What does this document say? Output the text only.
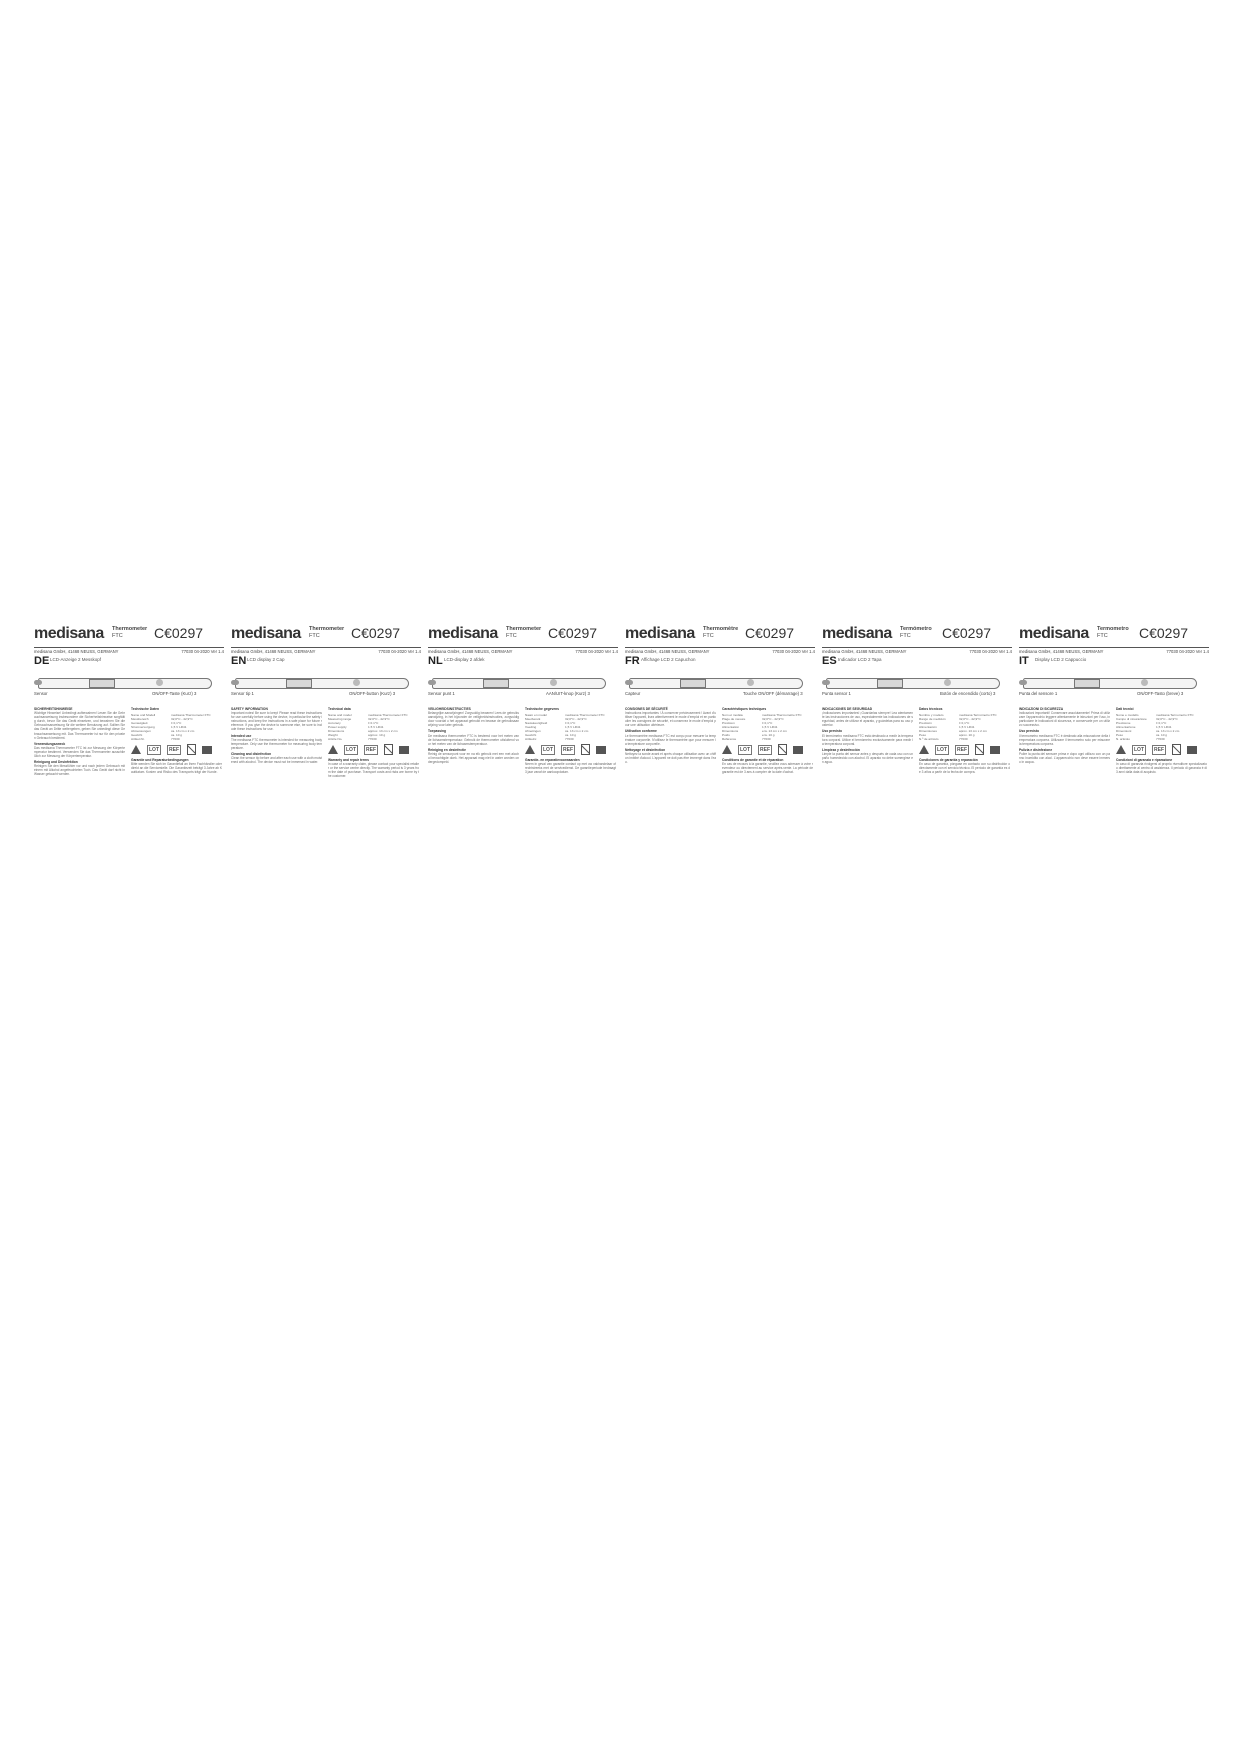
medisana Thermometer
FTC	C€0297
medisana GmbH, 41468 NEUSS, GERMANY	77030 04-2020 Ver 1.4
DE LCD-Anzeige 2 Messkopf
Sensor	ON/OFF-Taste (Kurz) 3
SICHERHEITSHINWEISE
Wichtige Hinweise! Unbedingt aufbewahren! Lesen Sie die Gebrauchsanweisung insbesondere die Sicherheitshinweise sorgfältig durch, bevor Sie das Gerät einsetzen, und bewahren Sie die Gebrauchsanweisung für die weitere Benutzung auf. Sollten Sie das Gerät an Dritte weitergeben, geben Sie unbedingt diese Gebrauchsanweisung mit. Das Thermometer ist nur für den privaten Gebrauch bestimmt.
Verwendungszweck
Das medisana Thermometer FTC ist zur Messung der Körpertemperatur bestimmt. Verwenden Sie das Thermometer ausschließlich zur Messung der Körpertemperatur.
Reinigung und Desinfektion
Reinigen Sie den Messfühler vor und nach jedem Gebrauch mit einem mit Alkohol angefeuchteten Tuch. Das Gerät darf nicht in Wasser getaucht werden.
Technische Daten
Name und Modell	medisana Thermometer FTC
Messbereich	32,0°C - 42,9°C
Genauigkeit	± 0,1°C
Stromversorgung	1,5 V LR41
Abmessungen	ca. 13 cm x 2 cm
Gewicht	ca. 10 g
Artikel-Nr.	77030
LOT	REF
Garantie und Reparaturbedingungen
Bitte wenden Sie sich im Garantiefall an Ihren Fachhändler oder direkt an die Servicestelle. Die Garantiezeit beträgt 3 Jahre ab Kaufdatum. Kosten und Risiko des Transports trägt der Kunde.
medisana Thermometer
FTC	C€0297
medisana GmbH, 41468 NEUSS, GERMANY	77030 04-2020 Ver 1.4
EN LCD display 2 Cap
Sensor tip 1	ON/OFF-button (Kurz) 3
SAFETY INFORMATION
Important notes! Be sure to keep! Please read these instructions for use carefully before using the device, in particular the safety instructions, and keep the instructions in a safe place for future reference. If you give the device to someone else, be sure to include these instructions for use.
Intended use
The medisana FTC thermometer is intended for measuring body temperature. Only use the thermometer for measuring body temperature.
Cleaning and disinfection
Clean the sensor tip before and after each use with a cloth moistened with alcohol. The device must not be immersed in water.
Technical data
Name and model	medisana Thermometer FTC
Measuring range	32.0°C - 42.9°C
Accuracy	± 0.1°C
Power supply	1.5 V LR41
Dimensions	approx. 13 cm x 2 cm
Weight	approx. 10 g
Article No.	77030
LOT	REF
Warranty and repair terms
In case of a warranty claim, please contact your specialist retailer or the service centre directly. The warranty period is 3 years from the date of purchase. Transport costs and risks are borne by the customer.
medisana Thermometer
FTC	C€0297
medisana GmbH, 41468 NEUSS, GERMANY	77030 04-2020 Ver 1.4
NL LCD-display 2 afdek
Sensor punt 1	AAN/UIT-knop (Kurz) 3
VEILIGHEIDSINSTRUCTIES
Belangrijke aanwijzingen! Zorgvuldig bewaren! Lees de gebruiksaanwijzing, in het bijzonder de veiligheidsinstructies, zorgvuldig door voordat u het apparaat gebruikt en bewaar de gebruiksaanwijzing voor later gebruik.
Toepassing
De medisana thermometer FTC is bestemd voor het meten van de lichaamstemperatuur. Gebruik de thermometer uitsluitend voor het meten van de lichaamstemperatuur.
Reiniging en desinfectie
Reinig de sensorpunt voor en na elk gebruik met een met alcohol bevochtigde doek. Het apparaat mag niet in water worden ondergedompeld.
Technische gegevens
Naam en model	medisana Thermometer FTC
Meetbereik	32,0°C - 42,9°C
Nauwkeurigheid	± 0,1°C
Voeding	1,5 V LR41
Afmetingen	ca. 13 cm x 2 cm
Gewicht	ca. 10 g
Artikelnr.	77030
LOT	REF
Garantie- en reparatievoorwaarden
Neem in geval van garantie contact op met uw vakhandelaar of rechtstreeks met de servicedienst. De garantieperiode bedraagt 3 jaar vanaf de aankoopdatum.
medisana Thermomètre
FTC	C€0297
medisana GmbH, 41468 NEUSS, GERMANY	77030 04-2020 Ver 1.4
FR Affichage LCD 2 Capuchon
Capteur	Touche ON/OFF (démarrage) 3
CONSIGNES DE SÉCURITÉ
Instructions importantes ! À conserver précieusement ! Avant d'utiliser l'appareil, lisez attentivement le mode d'emploi et en particulier les consignes de sécurité, et conservez le mode d'emploi pour une utilisation ultérieure.
Utilisation conforme
Le thermomètre medisana FTC est conçu pour mesurer la température corporelle. N'utilisez le thermomètre que pour mesurer la température corporelle.
Nettoyage et désinfection
Nettoyez la sonde avant et après chaque utilisation avec un chiffon imbibé d'alcool. L'appareil ne doit pas être immergé dans l'eau.
Caractéristiques techniques
Nom et modèle	medisana Thermomètre FTC
Plage de mesure	32,0°C - 42,9°C
Précision	± 0,1°C
Alimentation	1,5 V LR41
Dimensions	env. 13 cm x 2 cm
Poids	env. 10 g
Référence	77030
LOT	REF
Conditions de garantie et de réparation
En cas de recours à la garantie, veuillez vous adresser à votre revendeur ou directement au service après-vente. La période de garantie est de 3 ans à compter de la date d'achat.
medisana Termómetro
FTC	C€0297
medisana GmbH, 41468 NEUSS, GERMANY	77030 04-2020 Ver 1.4
ES Indicador LCD 2 Tapa
Punta sensor 1	Botón de encendido (corto) 3
INDICACIONES DE SEGURIDAD
¡Indicaciones importantes! ¡Guardarlas siempre! Lea atentamente las instrucciones de uso, especialmente las indicaciones de seguridad, antes de utilizar el aparato, y guárdelas para su uso posterior.
Uso previsto
El termómetro medisana FTC está destinado a medir la temperatura corporal. Utilice el termómetro exclusivamente para medir la temperatura corporal.
Limpieza y desinfección
Limpie la punta del sensor antes y después de cada uso con un paño humedecido con alcohol. El aparato no debe sumergirse en agua.
Datos técnicos
Nombre y modelo	medisana Termómetro FTC
Rango de medición	32,0°C - 42,9°C
Precisión	± 0,1°C
Alimentación	1,5 V LR41
Dimensiones	aprox. 13 cm x 2 cm
Peso	aprox. 10 g
N.º de artículo	77030
LOT	REF
Condiciones de garantía y reparación
En caso de garantía, póngase en contacto con su distribuidor o directamente con el servicio técnico. El período de garantía es de 3 años a partir de la fecha de compra.
medisana Termometro
FTC	C€0297
medisana GmbH, 41468 NEUSS, GERMANY	77030 04-2020 Ver 1.4
IT Display LCD 2 Cappuccio
Punta del sensore 1	ON/OFF-Tasto (breve) 3
INDICAZIONI DI SICUREZZA
Indicazioni importanti! Conservare assolutamente! Prima di utilizzare l'apparecchio leggere attentamente le istruzioni per l'uso, in particolare le indicazioni di sicurezza, e conservarle per un utilizzo successivo.
Uso previsto
Il termometro medisana FTC è destinato alla misurazione della temperatura corporea. Utilizzare il termometro solo per misurare la temperatura corporea.
Pulizia e disinfezione
Pulire la punta del sensore prima e dopo ogni utilizzo con un panno inumidito con alcol. L'apparecchio non deve essere immerso in acqua.
Dati tecnici
Nome e modello	medisana Termometro FTC
Campo di misurazione	32,0°C - 42,9°C
Precisione	± 0,1°C
Alimentazione	1,5 V LR41
Dimensioni	ca. 13 cm x 2 cm
Peso	ca. 10 g
N. articolo	77030
LOT	REF
Condizioni di garanzia e riparazione
In caso di garanzia rivolgersi al proprio rivenditore specializzato o direttamente al centro di assistenza. Il periodo di garanzia è di 3 anni dalla data di acquisto.
